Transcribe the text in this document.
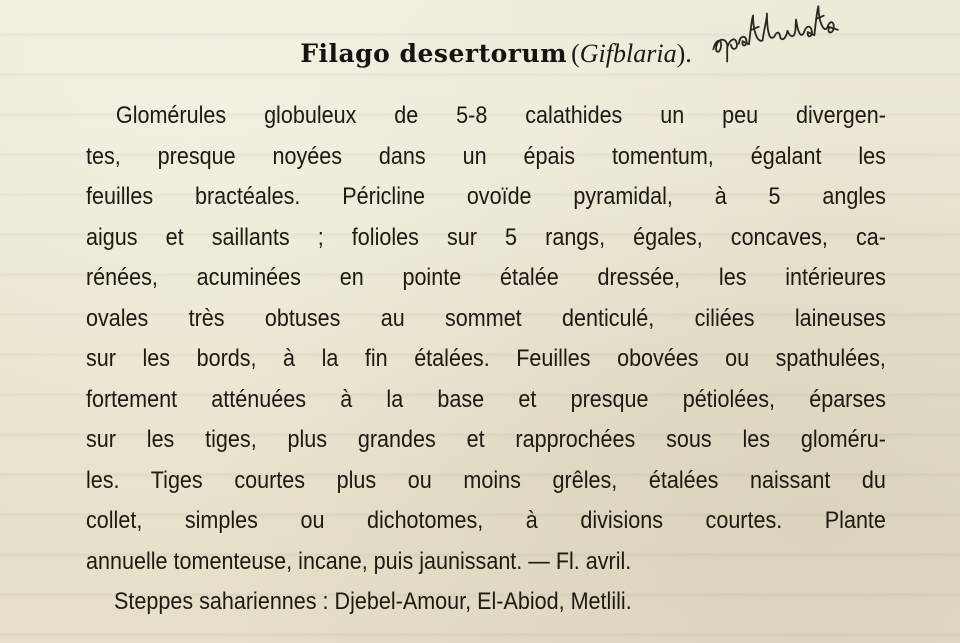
Filago desertorum (Gifblaria).
Glomérules globuleux de 5-8 calathides un peu divergen-
tes, presque noyées dans un épais tomentum, égalant les
feuilles bractéales. Péricline ovoïde pyramidal, à 5 angles
aigus et saillants ; folioles sur 5 rangs, égales, concaves, ca-
rénées, acuminées en pointe étalée dressée, les intérieures
ovales très obtuses au sommet denticulé, ciliées laineuses
sur les bords, à la fin étalées. Feuilles obovées ou spathulées,
fortement atténuées à la base et presque pétiolées, éparses
sur les tiges, plus grandes et rapprochées sous les gloméru-
les. Tiges courtes plus ou moins grêles, étalées naissant du
collet, simples ou dichotomes, à divisions courtes. Plante
annuelle tomenteuse, incane, puis jaunissant. — Fl. avril.
Steppes sahariennes : Djebel-Amour, El-Abiod, Metlili.
